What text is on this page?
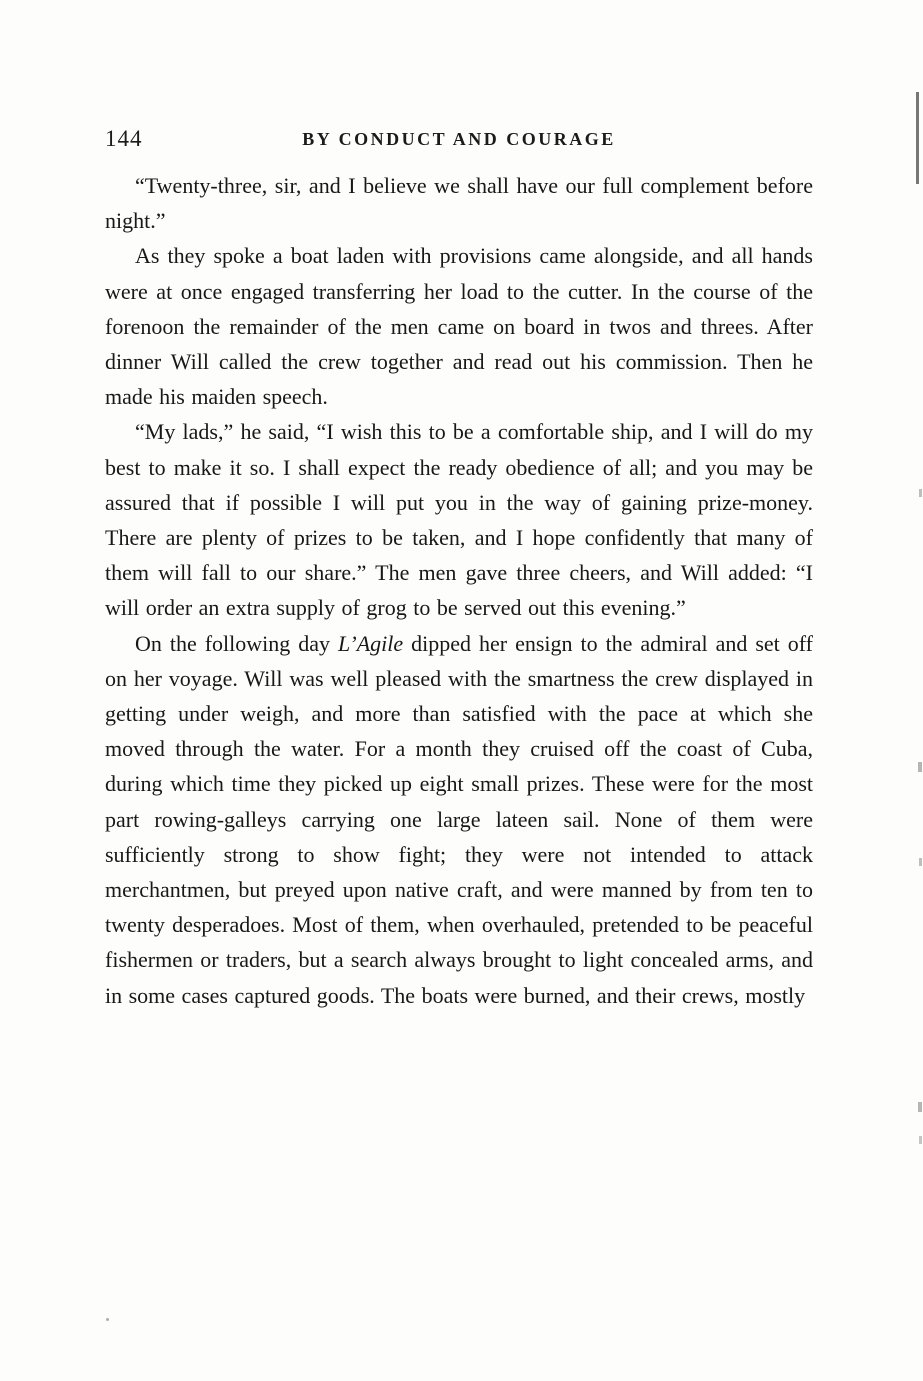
144	BY CONDUCT AND COURAGE

“Twenty-three, sir, and I believe we shall have our full complement before night.”

As they spoke a boat laden with provisions came alongside, and all hands were at once engaged transferring her load to the cutter. In the course of the forenoon the remainder of the men came on board in twos and threes. After dinner Will called the crew together and read out his commission. Then he made his maiden speech.

“My lads,” he said, “I wish this to be a comfortable ship, and I will do my best to make it so. I shall expect the ready obedience of all; and you may be assured that if possible I will put you in the way of gaining prize-money. There are plenty of prizes to be taken, and I hope confidently that many of them will fall to our share.” The men gave three cheers, and Will added: “I will order an extra supply of grog to be served out this evening.”

On the following day L’Agile dipped her ensign to the admiral and set off on her voyage. Will was well pleased with the smartness the crew displayed in getting under weigh, and more than satisfied with the pace at which she moved through the water. For a month they cruised off the coast of Cuba, during which time they picked up eight small prizes. These were for the most part rowing-galleys carrying one large lateen sail. None of them were sufficiently strong to show fight; they were not intended to attack merchantmen, but preyed upon native craft, and were manned by from ten to twenty desperadoes. Most of them, when overhauled, pretended to be peaceful fishermen or traders, but a search always brought to light concealed arms, and in some cases captured goods. The boats were burned, and their crews, mostly
